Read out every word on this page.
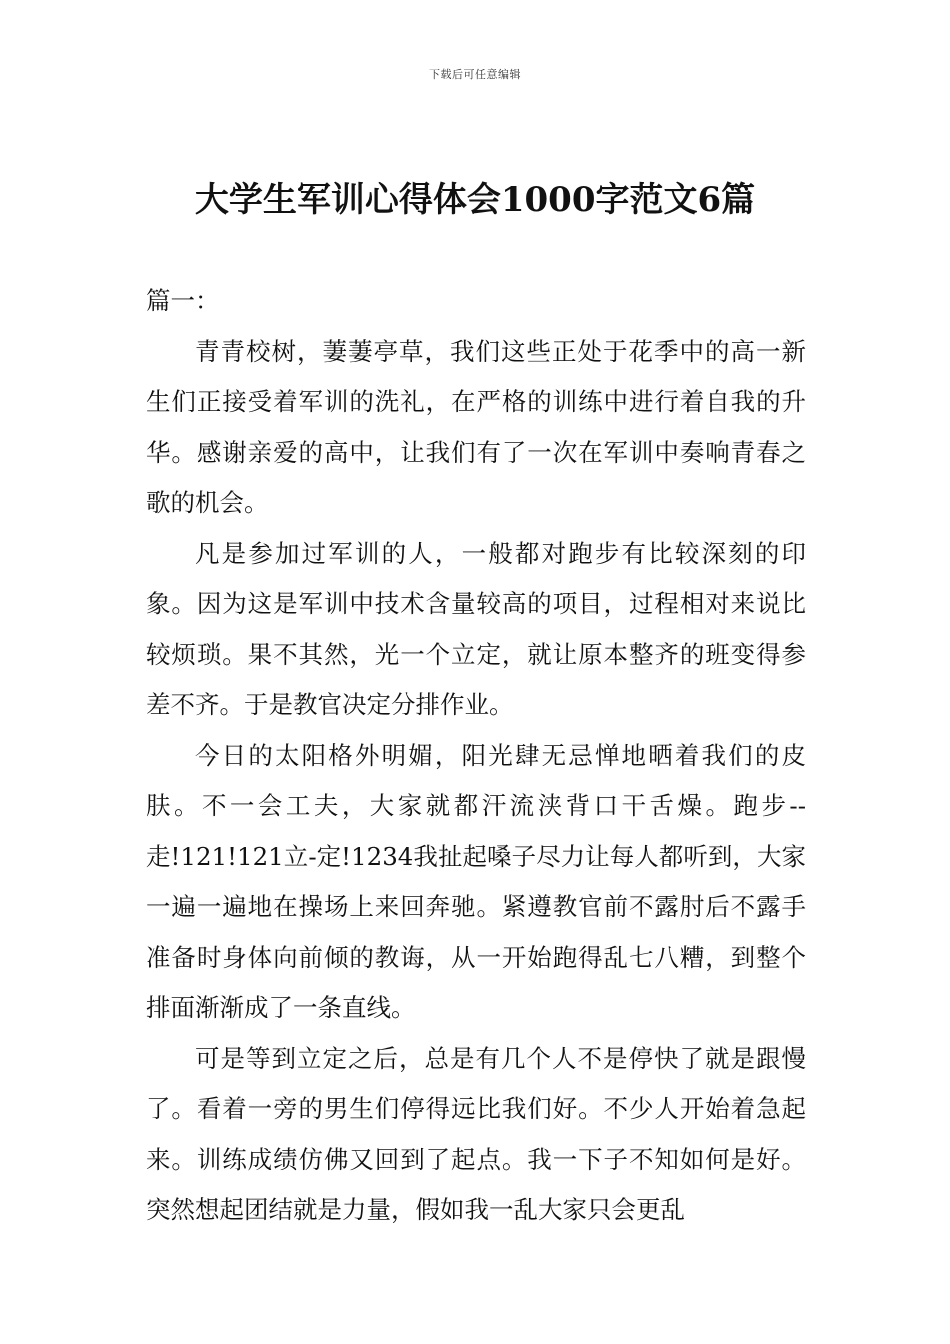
下载后可任意编辑
大学生军训心得体会1000字范文6篇
篇一：

青青校树，萋萋亭草，我们这些正处于花季中的高一新生们正接受着军训的洗礼，在严格的训练中进行着自我的升华。感谢亲爱的高中，让我们有了一次在军训中奏响青春之歌的机会。

凡是参加过军训的人，一般都对跑步有比较深刻的印象。因为这是军训中技术含量较高的项目，过程相对来说比较烦琐。果不其然，光一个立定，就让原本整齐的班变得参差不齐。于是教官决定分排作业。

今日的太阳格外明媚，阳光肆无忌惮地晒着我们的皮肤。不一会工夫，大家就都汗流浃背口干舌燥。跑步--走!121!121立-定!1234我扯起嗓子尽力让每人都听到，大家一遍一遍地在操场上来回奔驰。紧遵教官前不露肘后不露手准备时身体向前倾的教诲，从一开始跑得乱七八糟，到整个排面渐渐成了一条直线。

可是等到立定之后，总是有几个人不是停快了就是跟慢了。看着一旁的男生们停得远比我们好。不少人开始着急起来。训练成绩仿佛又回到了起点。我一下子不知如何是好。突然想起团结就是力量，假如我一乱大家只会更乱
